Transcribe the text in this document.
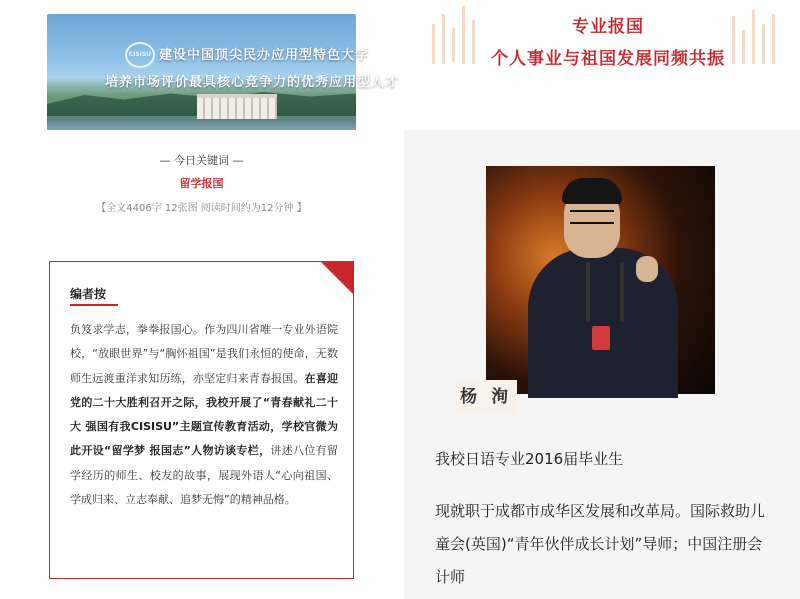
CISISU 建设中国顶尖民办应用型特色大学
培养市场评价最具核心竞争力的优秀应用型人才
— 今日关键词 —
留学报国
【全文4406字 12张图 阅读时间约为12分钟 】
编者按
负笈求学志，拳拳报国心。作为四川省唯一专业外语院校，“放眼世界”与“胸怀祖国”是我们永恒的使命，无数师生远渡重洋求知历练，亦坚定归来青春报国。在喜迎党的二十大胜利召开之际，我校开展了“青春献礼二十大 强国有我CISISU”主题宣传教育活动，学校官微为此开设“留学梦 报国志”人物访谈专栏，讲述八位有留学经历的师生、校友的故事，展现外语人“心向祖国、学成归来、立志奉献、追梦无悔”的精神品格。
专业报国
个人事业与祖国发展同频共振
杨 洵
我校日语专业2016届毕业生
现就职于成都市成华区发展和改革局。国际救助儿童会(英国)“青年伙伴成长计划”导师；中国注册会计师
